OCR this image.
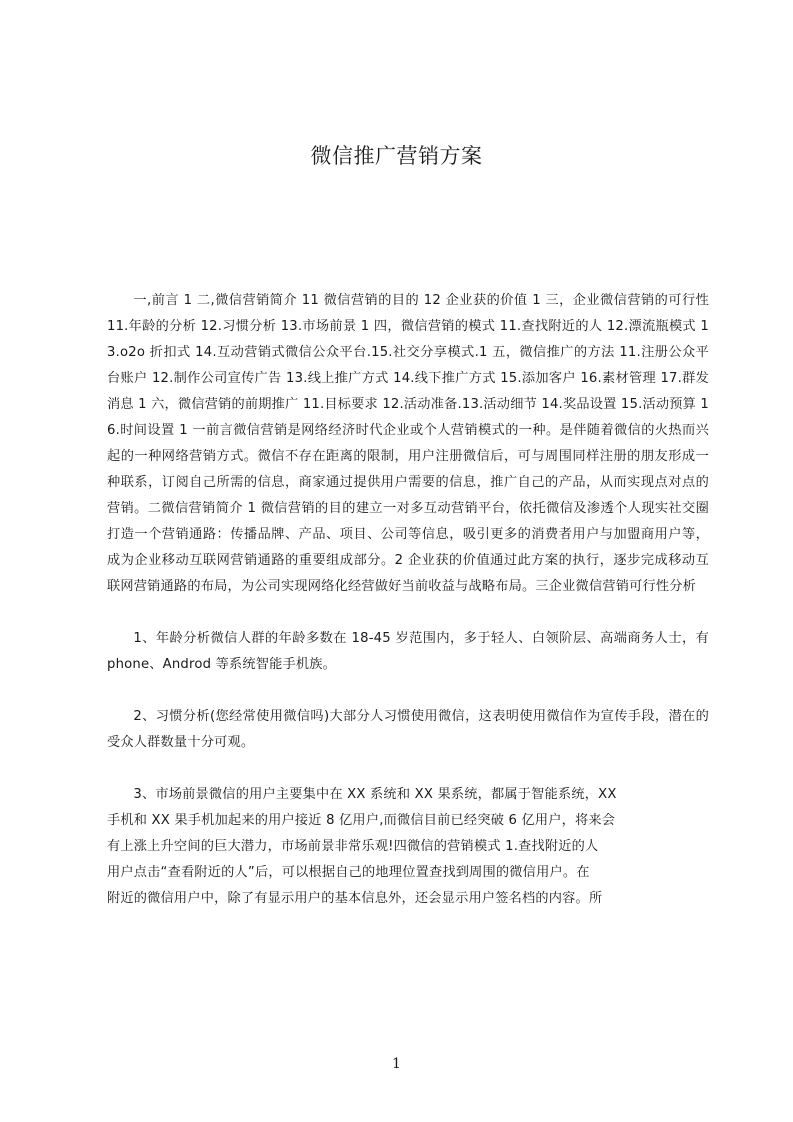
微信推广营销方案

一,前言 1 二,微信营销简介 11 微信营销的目的 12 企业获的价值 1 三，企业微信营销的可行性 11.年龄的分析 12.习惯分析 13.市场前景 1 四，微信营销的模式 11.查找附近的人 12.漂流瓶模式 13.o2o 折扣式 14.互动营销式微信公众平台.15.社交分享模式.1 五，微信推广的方法 11.注册公众平台账户 12.制作公司宣传广告 13.线上推广方式 14.线下推广方式 15.添加客户 16.素材管理 17.群发消息 1 六，微信营销的前期推广 11.目标要求 12.活动准备.13.活动细节 14.奖品设置 15.活动预算 16.时间设置 1 一前言微信营销是网络经济时代企业或个人营销模式的一种。是伴随着微信的火热而兴起的一种网络营销方式。微信不存在距离的限制，用户注册微信后，可与周围同样注册的朋友形成一种联系，订阅自己所需的信息，商家通过提供用户需要的信息，推广自己的产品，从而实现点对点的营销。二微信营销简介 1 微信营销的目的建立一对多互动营销平台，依托微信及渗透个人现实社交圈打造一个营销通路：传播品牌、产品、项目、公司等信息，吸引更多的消费者用户与加盟商用户等，成为企业移动互联网营销通路的重要组成部分。2 企业获的价值通过此方案的执行，逐步完成移动互联网营销通路的布局，为公司实现网络化经营做好当前收益与战略布局。三企业微信营销可行性分析

1、年龄分析微信人群的年龄多数在 18-45 岁范围内，多于轻人、白领阶层、高端商务人士，有 phone、Androd 等系统智能手机族。

2、习惯分析(您经常使用微信吗)大部分人习惯使用微信，这表明使用微信作为宣传手段，潜在的受众人群数量十分可观。

3、市场前景微信的用户主要集中在 XX 系统和 XX 果系统，都属于智能系统，XX
手机和 XX 果手机加起来的用户接近 8 亿用户,而微信目前已经突破 6 亿用户，将来会
有上涨上升空间的巨大潜力，市场前景非常乐观!四微信的营销模式 1.查找附近的人
用户点击“查看附近的人”后，可以根据自己的地理位置查找到周围的微信用户。在
附近的微信用户中，除了有显示用户的基本信息外，还会显示用户签名档的内容。所
1
